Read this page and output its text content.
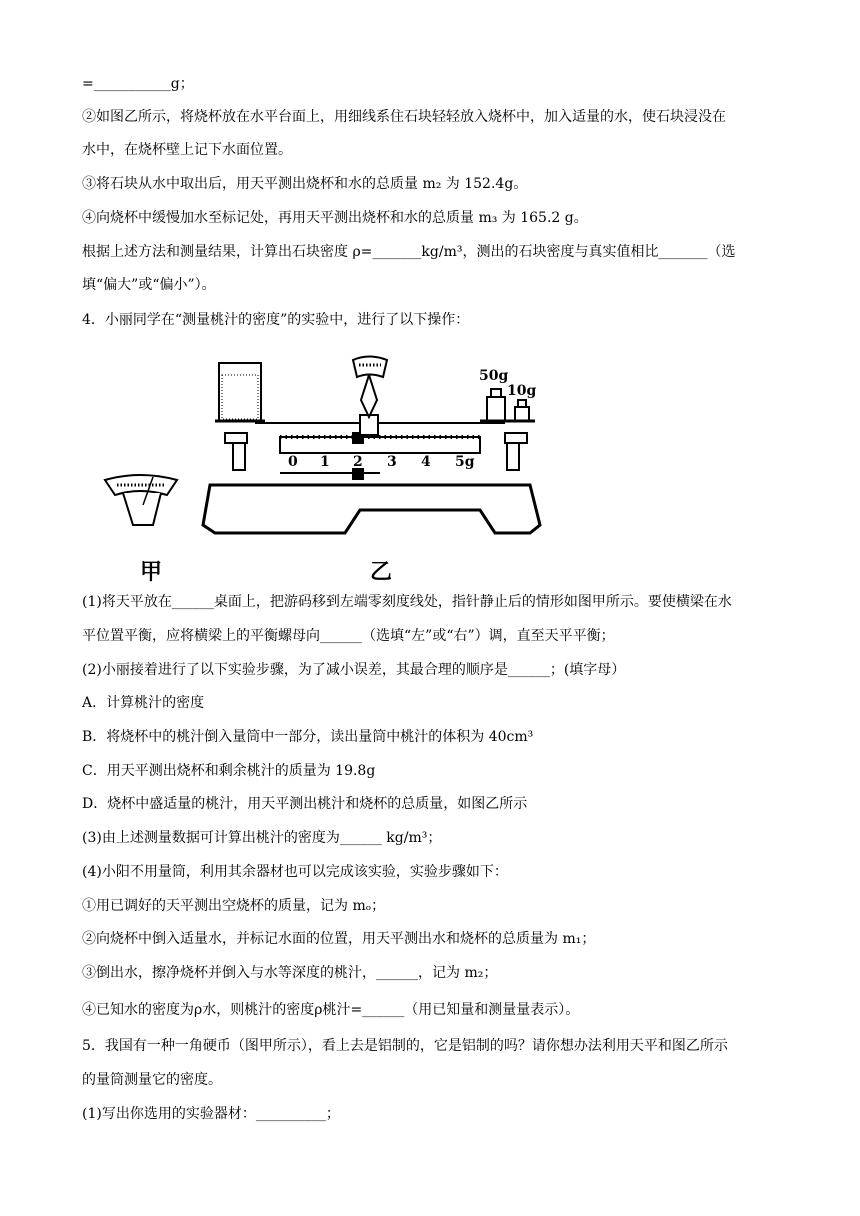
=___________g；
②如图乙所示，将烧杯放在水平台面上，用细线系住石块轻轻放入烧杯中，加入适量的水，使石块浸没在
水中，在烧杯壁上记下水面位置。
③将石块从水中取出后，用天平测出烧杯和水的总质量 m₂ 为 152.4g。
④向烧杯中缓慢加水至标记处，再用天平测出烧杯和水的总质量 m₃ 为 165.2 g。
根据上述方法和测量结果，计算出石块密度 ρ=_______kg/m³，测出的石块密度与真实值相比_______（选
填“偏大”或“偏小”）。
4．小丽同学在“测量桃汁的密度”的实验中，进行了以下操作：
(1)将天平放在______桌面上，把游码移到左端零刻度线处，指针静止后的情形如图甲所示。要使横梁在水
平位置平衡，应将横梁上的平衡螺母向______（选填“左”或“右”）调，直至天平平衡；
(2)小丽接着进行了以下实验步骤，为了减小误差，其最合理的顺序是______；(填字母）
A．计算桃汁的密度
B．将烧杯中的桃汁倒入量筒中一部分，读出量筒中桃汁的体积为 40cm³
C．用天平测出烧杯和剩余桃汁的质量为 19.8g
D．烧杯中盛适量的桃汁，用天平测出桃汁和烧杯的总质量，如图乙所示
(3)由上述测量数据可计算出桃汁的密度为______ kg/m³；
(4)小阳不用量筒，利用其余器材也可以完成该实验，实验步骤如下：
①用已调好的天平测出空烧杯的质量，记为 mₒ；
②向烧杯中倒入适量水，并标记水面的位置，用天平测出水和烧杯的总质量为 m₁；
③倒出水，擦净烧杯并倒入与水等深度的桃汁，______，记为 m₂；
④已知水的密度为ρ水，则桃汁的密度ρ桃汁=______（用已知量和测量量表示）。
5．我国有一种一角硬币（图甲所示），看上去是铝制的，它是铝制的吗？请你想办法利用天平和图乙所示
的量筒测量它的密度。
(1)写出你选用的实验器材：__________；
0 1 2 3 4 5g
50g
10g
甲	乙
